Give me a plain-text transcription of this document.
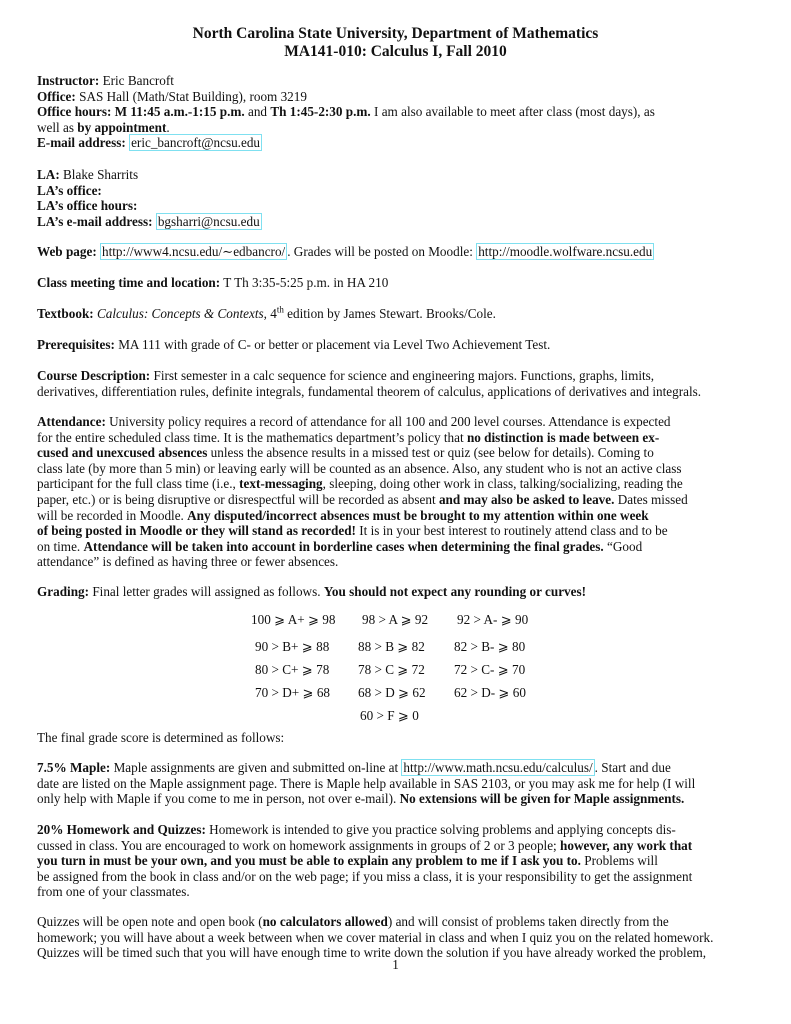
North Carolina State University, Department of Mathematics
MA141-010: Calculus I, Fall 2010
Instructor: Eric Bancroft
Office: SAS Hall (Math/Stat Building), room 3219
Office hours: M 11:45 a.m.-1:15 p.m. and Th 1:45-2:30 p.m. I am also available to meet after class (most days), as
well as by appointment.
E-mail address: eric_bancroft@ncsu.edu
LA: Blake Sharrits
LA’s office:
LA’s office hours:
LA’s e-mail address: bgsharri@ncsu.edu
Web page: http://www4.ncsu.edu/∼edbancro/ . Grades will be posted on Moodle: http://moodle.wolfware.ncsu.edu
Class meeting time and location: T Th 3:35-5:25 p.m. in HA 210
Textbook: Calculus: Concepts & Contexts, 4th edition by James Stewart. Brooks/Cole.
Prerequisites: MA 111 with grade of C- or better or placement via Level Two Achievement Test.
Course Description: First semester in a calc sequence for science and engineering majors. Functions, graphs, limits,
derivatives, differentiation rules, definite integrals, fundamental theorem of calculus, applications of derivatives and integrals.
Attendance: University policy requires a record of attendance for all 100 and 200 level courses. Attendance is expected
for the entire scheduled class time. It is the mathematics department’s policy that no distinction is made between ex-
cused and unexcused absences unless the absence results in a missed test or quiz (see below for details). Coming to
class late (by more than 5 min) or leaving early will be counted as an absence. Also, any student who is not an active class
participant for the full class time (i.e., text-messaging, sleeping, doing other work in class, talking/socializing, reading the
paper, etc.) or is being disruptive or disrespectful will be recorded as absent and may also be asked to leave. Dates missed
will be recorded in Moodle. Any disputed/incorrect absences must be brought to my attention within one week
of being posted in Moodle or they will stand as recorded! It is in your best interest to routinely attend class and to be
on time. Attendance will be taken into account in borderline cases when determining the final grades. “Good
attendance” is defined as having three or fewer absences.
Grading: Final letter grades will assigned as follows. You should not expect any rounding or curves!
100 ⩾ A+ ⩾ 98 98 > A ⩾ 92 92 > A- ⩾ 90
90 > B+ ⩾ 88 88 > B ⩾ 82 82 > B- ⩾ 80
80 > C+ ⩾ 78 78 > C ⩾ 72 72 > C- ⩾ 70
70 > D+ ⩾ 68 68 > D ⩾ 62 62 > D- ⩾ 60
60 > F ⩾ 0
The final grade score is determined as follows:
7.5% Maple: Maple assignments are given and submitted on-line at http://www.math.ncsu.edu/calculus/ . Start and due
date are listed on the Maple assignment page. There is Maple help available in SAS 2103, or you may ask me for help (I will
only help with Maple if you come to me in person, not over e-mail). No extensions will be given for Maple assignments.
20% Homework and Quizzes: Homework is intended to give you practice solving problems and applying concepts dis-
cussed in class. You are encouraged to work on homework assignments in groups of 2 or 3 people; however, any work that
you turn in must be your own, and you must be able to explain any problem to me if I ask you to. Problems will
be assigned from the book in class and/or on the web page; if you miss a class, it is your responsibility to get the assignment
from one of your classmates.
Quizzes will be open note and open book (no calculators allowed) and will consist of problems taken directly from the
homework; you will have about a week between when we cover material in class and when I quiz you on the related homework.
Quizzes will be timed such that you will have enough time to write down the solution if you have already worked the problem,
1
